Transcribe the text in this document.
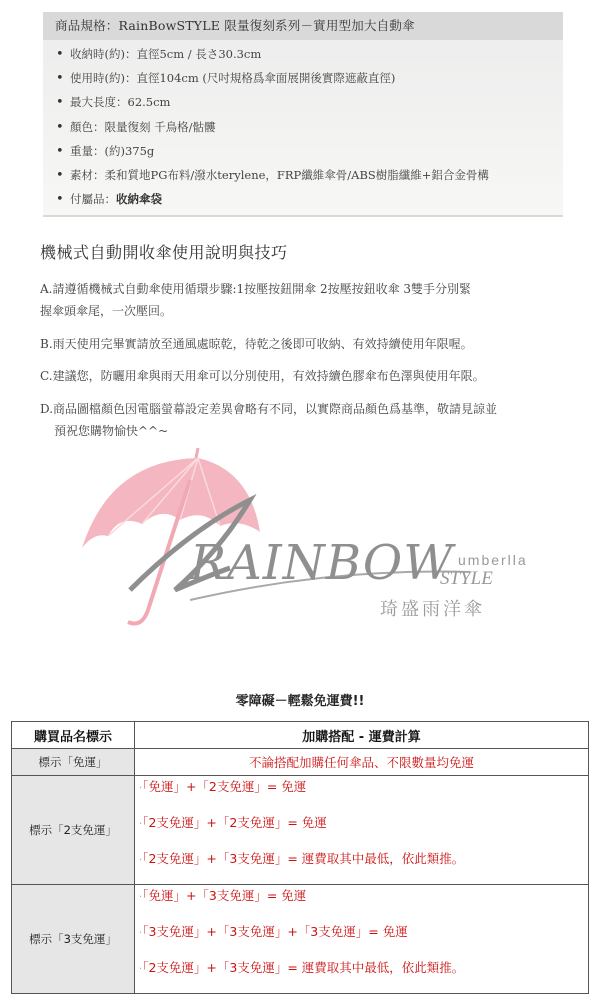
商品規格：RainBowSTYLE 限量復刻系列－實用型加大自動傘
• 收納時(約)：直徑5cm / 長さ30.3cm
• 使用時(約)：直徑104cm (尺吋規格爲傘面展開後實際遮蔽直徑)
• 最大長度：62.5cm
• 顏色：限量復刻 千鳥格/骷髏
• 重量：(約)375g
• 素材：柔和質地PG布料/潑水terylene，FRP纖維傘骨/ABS樹脂纖維+鋁合金骨構
• 付屬品：收納傘袋
機械式自動開收傘使用說明與技巧

A.請遵循機械式自動傘使用循環步驟:1按壓按鈕開傘 2按壓按鈕收傘 3雙手分別緊

握傘頭傘尾，一次壓回。

B.雨天使用完畢實請放至通風處晾乾，待乾之後即可收納、有效持續使用年限喔。

C.建議您，防曬用傘與雨天用傘可以分別使用，有效持續色膠傘布色澤與使用年限。

D.商品圖檔顏色因電腦螢幕設定差異會略有不同，以實際商品顏色爲基準，敬請見諒並

預祝您購物愉快^^~

RAINBOW umberlla
STYLE
琦盛雨洋傘
零障礙－輕鬆免運費!!
購買品名標示	加購搭配 - 運費計算
標示「免運」	不論搭配加購任何傘品、不限數量均免運
標示「2支免運」	·「免運」+「2支免運」= 免運
·「2支免運」+「2支免運」= 免運
·「2支免運」+「3支免運」= 運費取其中最低，依此類推。

標示「3支免運」	·「免運」+「3支免運」= 免運
·「3支免運」+「3支免運」+「3支免運」= 免運
·「2支免運」+「3支免運」= 運費取其中最低，依此類推。
